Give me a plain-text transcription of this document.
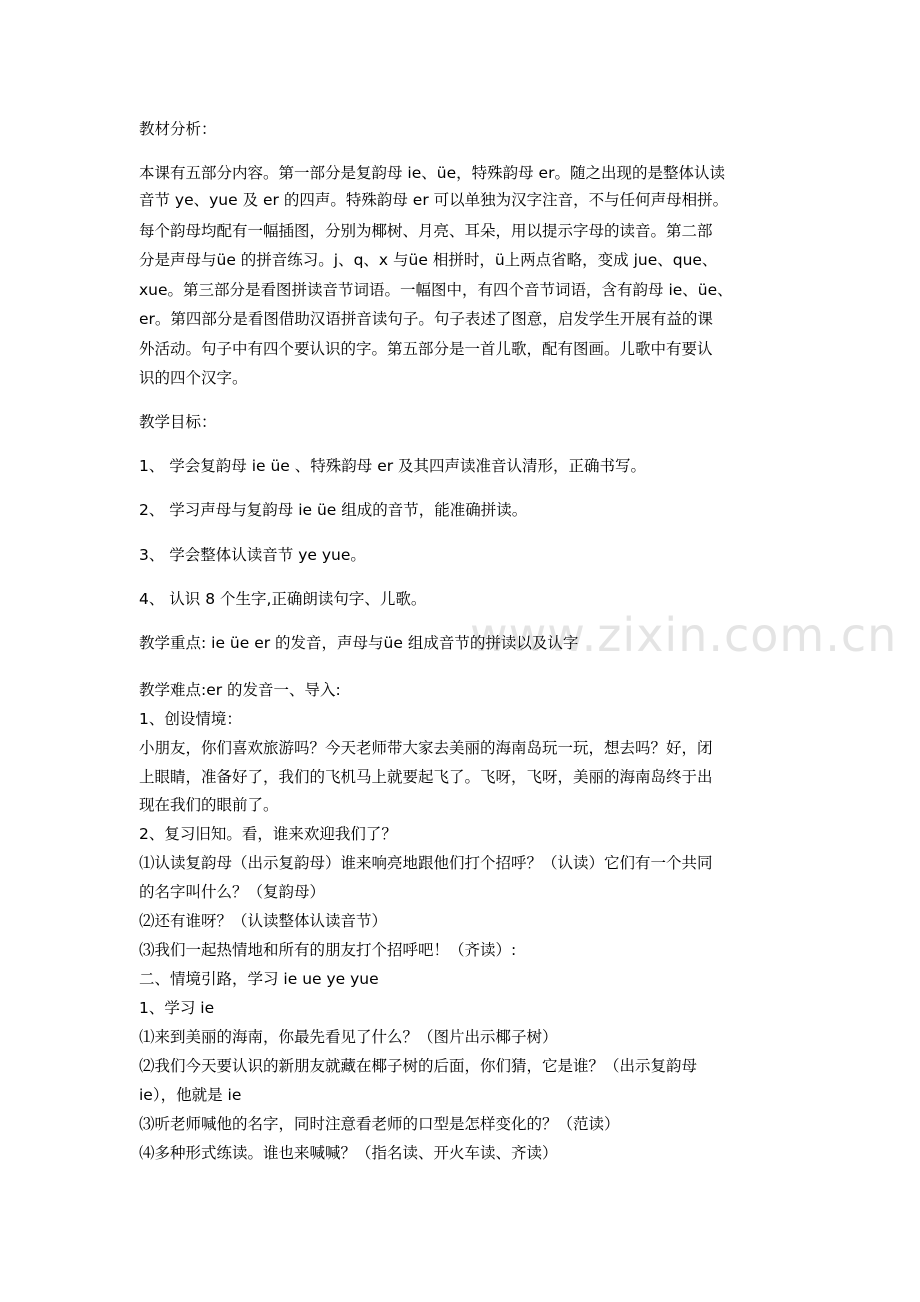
www.zixin.com.cn
教材分析：
本课有五部分内容。第一部分是复韵母 ie、üe，特殊韵母 er。随之出现的是整体认读
音节 ye、yue 及 er 的四声。特殊韵母 er 可以单独为汉字注音，不与任何声母相拼。
每个韵母均配有一幅插图，分别为椰树、月亮、耳朵，用以提示字母的读音。第二部
分是声母与üe 的拼音练习。j、q、x 与üe 相拼时，ü上两点省略，变成 jue、que、
xue。第三部分是看图拼读音节词语。一幅图中，有四个音节词语，含有韵母 ie、üe、
er。第四部分是看图借助汉语拼音读句子。句子表述了图意，启发学生开展有益的课
外活动。句子中有四个要认识的字。第五部分是一首儿歌，配有图画。儿歌中有要认
识的四个汉字。
教学目标：
1、 学会复韵母 ie üe 、特殊韵母 er 及其四声读准音认清形，正确书写。
2、 学习声母与复韵母 ie üe 组成的音节，能准确拼读。
3、 学会整体认读音节 ye yue。
4、 认识 8 个生字,正确朗读句字、儿歌。
教学重点: ie üe er 的发音，声母与üe 组成音节的拼读以及认字
教学难点:er 的发音一、导入:
1、创设情境：
小朋友，你们喜欢旅游吗？今天老师带大家去美丽的海南岛玩一玩，想去吗？好，闭
上眼睛，准备好了，我们的飞机马上就要起飞了。飞呀，飞呀，美丽的海南岛终于出
现在我们的眼前了。
2、复习旧知。看，谁来欢迎我们了？
⑴认读复韵母（出示复韵母）谁来响亮地跟他们打个招呼？（认读）它们有一个共同
的名字叫什么？（复韵母）
⑵还有谁呀？（认读整体认读音节）
⑶我们一起热情地和所有的朋友打个招呼吧！（齐读）:
二、情境引路，学习 ie ue ye yue
1、学习 ie
⑴来到美丽的海南，你最先看见了什么？（图片出示椰子树）
⑵我们今天要认识的新朋友就藏在椰子树的后面，你们猜，它是谁？（出示复韵母
ie），他就是 ie
⑶听老师喊他的名字，同时注意看老师的口型是怎样变化的？（范读）
⑷多种形式练读。谁也来喊喊？（指名读、开火车读、齐读）
